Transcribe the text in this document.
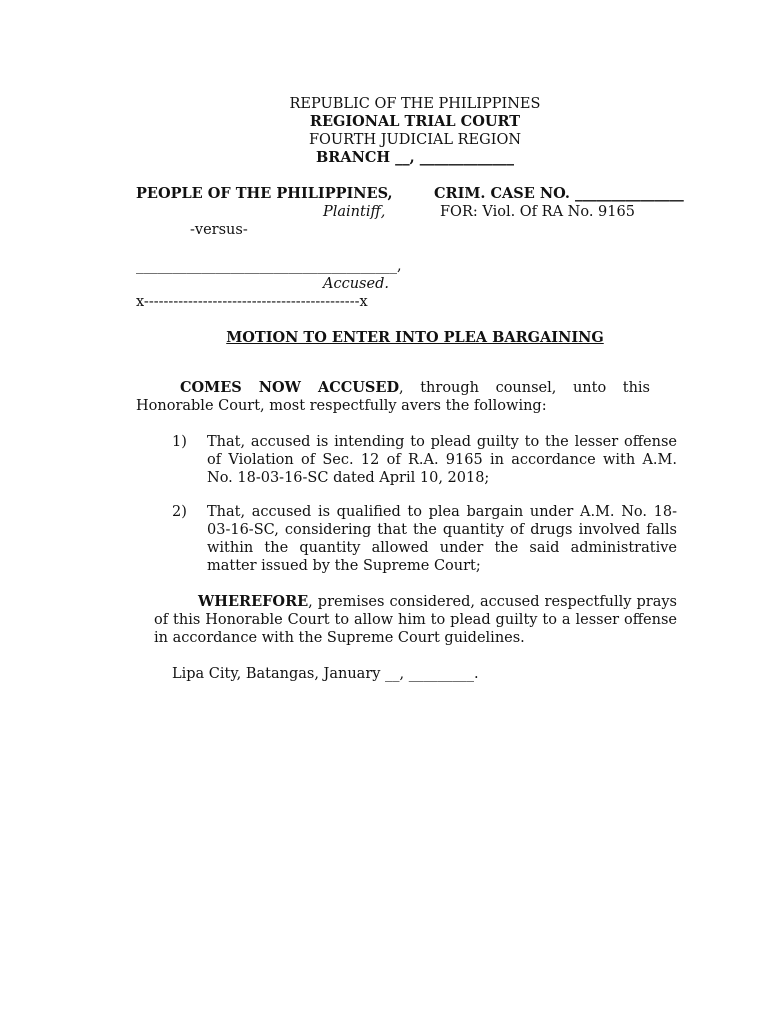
REPUBLIC OF THE PHILIPPINES
REGIONAL TRIAL COURT
FOURTH JUDICIAL REGION
BRANCH __, _____________
PEOPLE OF THE PHILIPPINES,
Plaintiff,
-versus-
____________________________________,
Accused.
x--------------------------------------------x
CRIM. CASE NO. _______________
FOR: Viol. Of RA No. 9165
MOTION TO ENTER INTO PLEA BARGAINING
COMES NOW ACCUSED, through counsel, unto this Honorable Court, most respectfully avers the following:
1) That, accused is intending to plead guilty to the lesser offense of Violation of Sec. 12 of R.A. 9165 in accordance with A.M. No. 18-03-16-SC dated April 10, 2018;
2) That, accused is qualified to plea bargain under A.M. No. 18-03-16-SC, considering that the quantity of drugs involved falls within the quantity allowed under the said administrative matter issued by the Supreme Court;
WHEREFORE, premises considered, accused respectfully prays of this Honorable Court to allow him to plead guilty to a lesser offense in accordance with the Supreme Court guidelines.
Lipa City, Batangas, January __, _________.
